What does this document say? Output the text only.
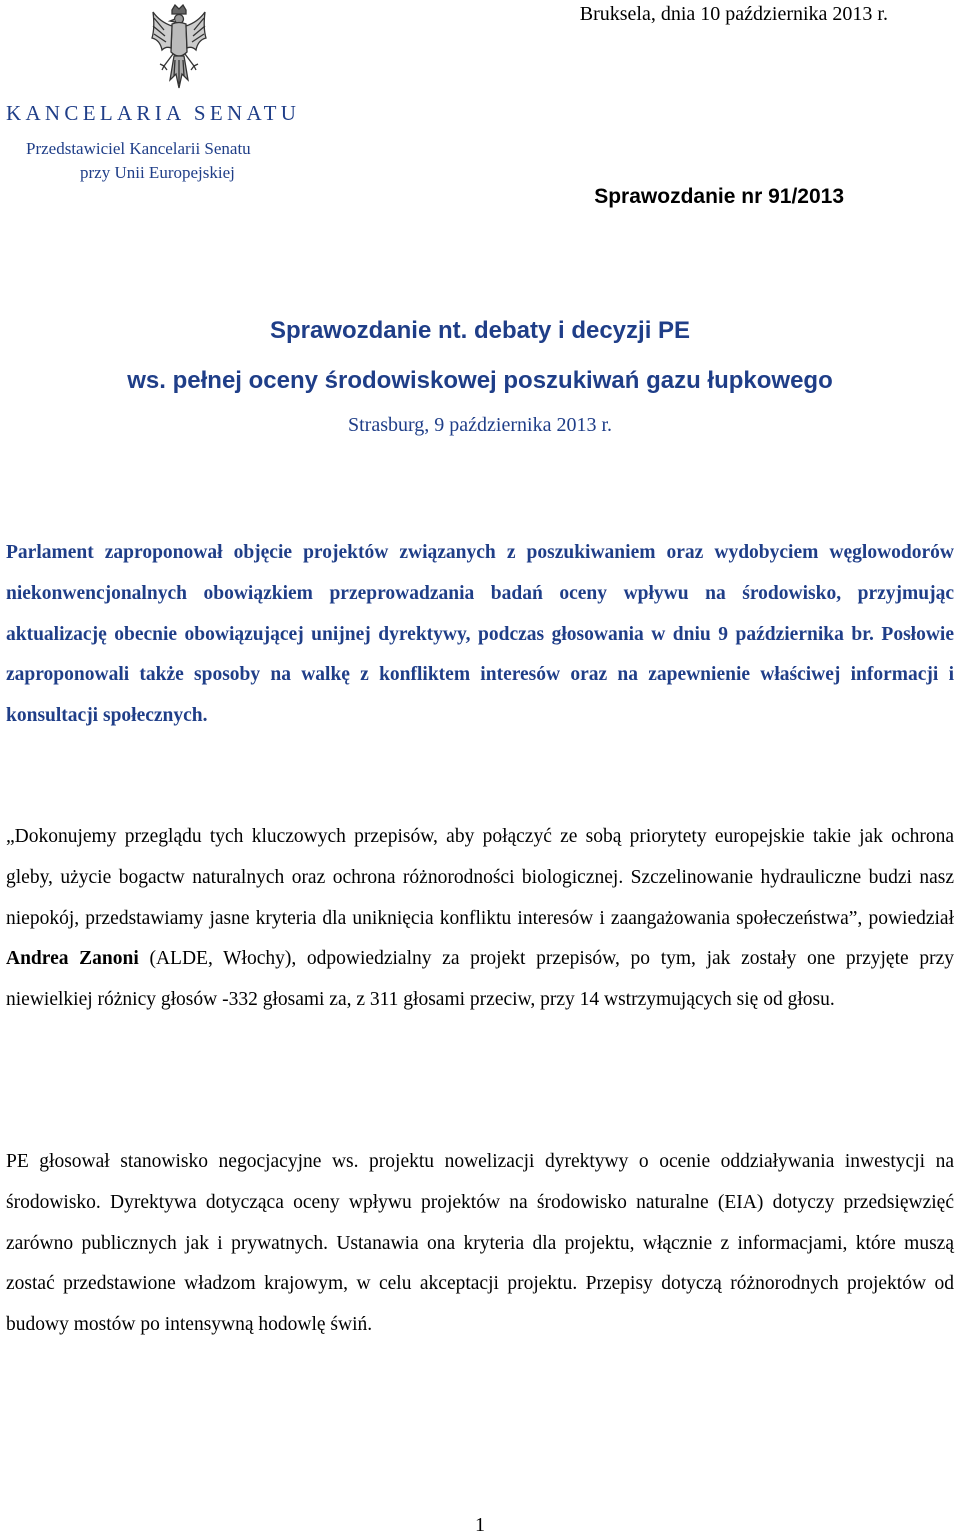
Bruksela, dnia 10 października 2013 r.
KANCELARIA SENATU
Przedstawiciel Kancelarii Senatu
przy Unii Europejskiej
Sprawozdanie nr 91/2013
Sprawozdanie nt. debaty i decyzji PE
ws. pełnej oceny środowiskowej poszukiwań gazu łupkowego
Strasburg, 9 października 2013 r.
Parlament zaproponował objęcie projektów związanych z poszukiwaniem oraz wydobyciem węglowodorów niekonwencjonalnych obowiązkiem przeprowadzania badań oceny wpływu na środowisko, przyjmując aktualizację obecnie obowiązującej unijnej dyrektywy, podczas głosowania w dniu 9 października br. Posłowie zaproponowali także sposoby na walkę z konfliktem interesów oraz na zapewnienie właściwej informacji i konsultacji społecznych.
„Dokonujemy przeglądu tych kluczowych przepisów, aby połączyć ze sobą priorytety europejskie takie jak ochrona gleby, użycie bogactw naturalnych oraz ochrona różnorodności biologicznej. Szczelinowanie hydrauliczne budzi nasz niepokój, przedstawiamy jasne kryteria dla uniknięcia konfliktu interesów i zaangażowania społeczeństwa”, powiedział Andrea Zanoni (ALDE, Włochy), odpowiedzialny za projekt przepisów, po tym, jak zostały one przyjęte przy niewielkiej różnicy głosów -332 głosami za, z 311 głosami przeciw, przy 14 wstrzymujących się od głosu.
PE głosował stanowisko negocjacyjne ws. projektu nowelizacji dyrektywy o ocenie oddziaływania inwestycji na środowisko. Dyrektywa dotycząca oceny wpływu projektów na środowisko naturalne (EIA) dotyczy przedsięwzięć zarówno publicznych jak i prywatnych. Ustanawia ona kryteria dla projektu, włącznie z informacjami, które muszą zostać przedstawione władzom krajowym, w celu akceptacji projektu. Przepisy dotyczą różnorodnych projektów od budowy mostów po intensywną hodowlę świń.
1
